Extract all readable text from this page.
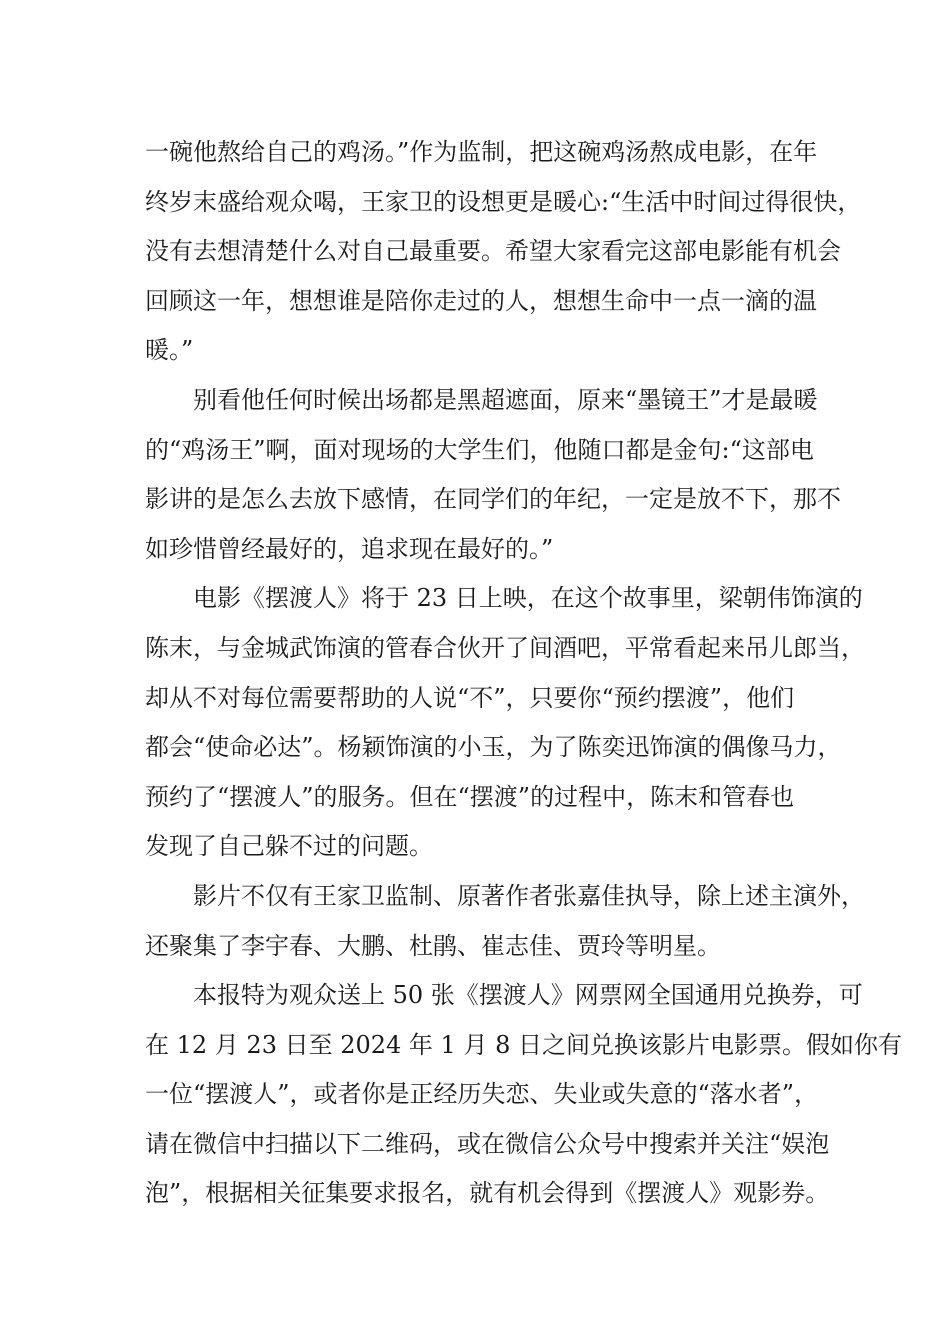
一碗他熬给自己的鸡汤。”作为监制，把这碗鸡汤熬成电影，在年
终岁末盛给观众喝，王家卫的设想更是暖心:“生活中时间过得很快，
没有去想清楚什么对自己最重要。希望大家看完这部电影能有机会
回顾这一年，想想谁是陪你走过的人，想想生命中一点一滴的温
暖。”

别看他任何时候出场都是黑超遮面，原来“墨镜王”才是最暖
的“鸡汤王”啊，面对现场的大学生们，他随口都是金句:“这部电
影讲的是怎么去放下感情，在同学们的年纪，一定是放不下，那不
如珍惜曾经最好的，追求现在最好的。”

电影《摆渡人》将于 23 日上映，在这个故事里，梁朝伟饰演的
陈末，与金城武饰演的管春合伙开了间酒吧，平常看起来吊儿郎当，
却从不对每位需要帮助的人说“不”，只要你“预约摆渡”，他们
都会“使命必达”。杨颖饰演的小玉，为了陈奕迅饰演的偶像马力，
预约了“摆渡人”的服务。但在“摆渡”的过程中，陈末和管春也
发现了自己躲不过的问题。

影片不仅有王家卫监制、原著作者张嘉佳执导，除上述主演外，
还聚集了李宇春、大鹏、杜鹃、崔志佳、贾玲等明星。

本报特为观众送上 50 张《摆渡人》网票网全国通用兑换券，可
在 12 月 23 日至 2024 年 1 月 8 日之间兑换该影片电影票。假如你有
一位“摆渡人”，或者你是正经历失恋、失业或失意的“落水者”，
请在微信中扫描以下二维码，或在微信公众号中搜索并关注“娱泡
泡”，根据相关征集要求报名，就有机会得到《摆渡人》观影券。
